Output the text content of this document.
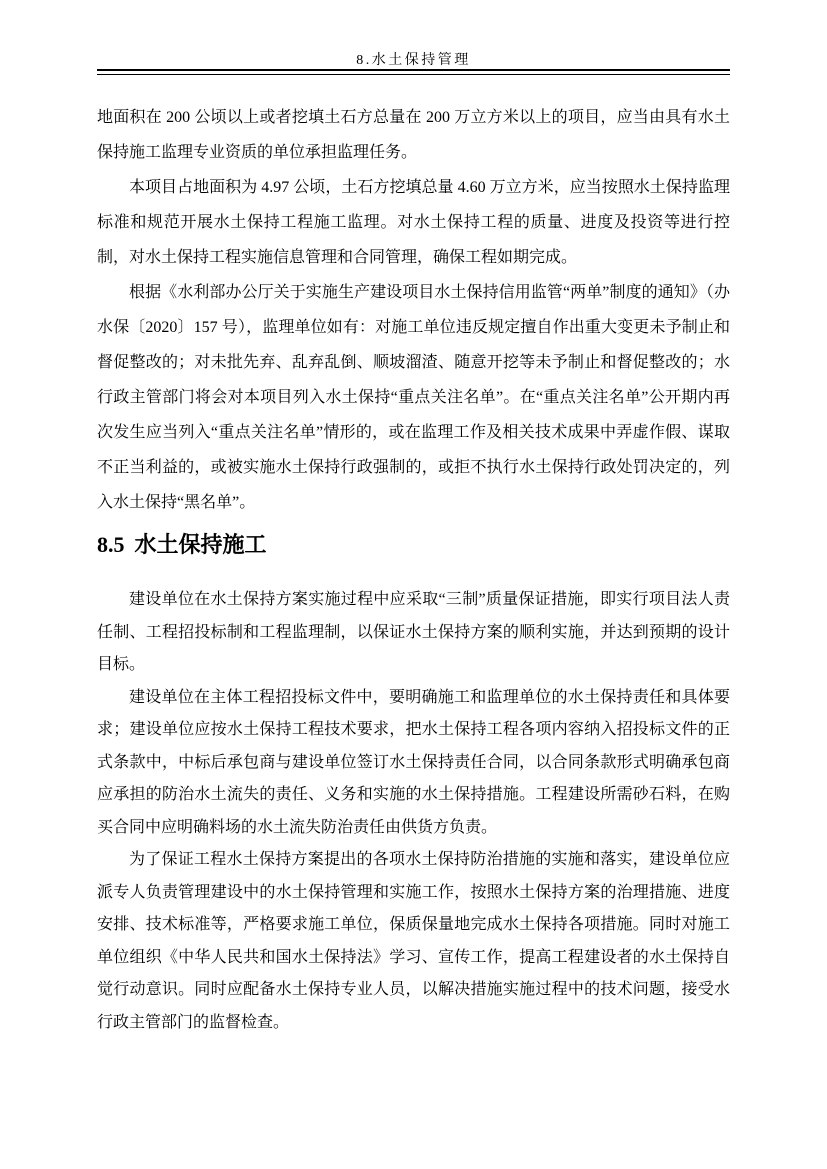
8.水土保持管理

地面积在 200 公顷以上或者挖填土石方总量在 200 万立方米以上的项目，应当由具有水土保持施工监理专业资质的单位承担监理任务。

本项目占地面积为 4.97 公顷，土石方挖填总量 4.60 万立方米，应当按照水土保持监理标准和规范开展水土保持工程施工监理。对水土保持工程的质量、进度及投资等进行控制，对水土保持工程实施信息管理和合同管理，确保工程如期完成。

根据《水利部办公厅关于实施生产建设项目水土保持信用监管“两单”制度的通知》（办水保〔2020〕157 号），监理单位如有：对施工单位违反规定擅自作出重大变更未予制止和督促整改的；对未批先弃、乱弃乱倒、顺坡溜渣、随意开挖等未予制止和督促整改的；水行政主管部门将会对本项目列入水土保持“重点关注名单”。在“重点关注名单”公开期内再次发生应当列入“重点关注名单”情形的，或在监理工作及相关技术成果中弄虚作假、谋取不正当利益的，或被实施水土保持行政强制的，或拒不执行水土保持行政处罚决定的，列入水土保持“黑名单”。

8.5 水土保持施工

建设单位在水土保持方案实施过程中应采取“三制”质量保证措施，即实行项目法人责任制、工程招投标制和工程监理制，以保证水土保持方案的顺利实施，并达到预期的设计目标。

建设单位在主体工程招投标文件中，要明确施工和监理单位的水土保持责任和具体要求；建设单位应按水土保持工程技术要求，把水土保持工程各项内容纳入招投标文件的正式条款中，中标后承包商与建设单位签订水土保持责任合同，以合同条款形式明确承包商应承担的防治水土流失的责任、义务和实施的水土保持措施。工程建设所需砂石料，在购买合同中应明确料场的水土流失防治责任由供货方负责。

为了保证工程水土保持方案提出的各项水土保持防治措施的实施和落实，建设单位应派专人负责管理建设中的水土保持管理和实施工作，按照水土保持方案的治理措施、进度安排、技术标准等，严格要求施工单位，保质保量地完成水土保持各项措施。同时对施工单位组织《中华人民共和国水土保持法》学习、宣传工作，提高工程建设者的水土保持自觉行动意识。同时应配备水土保持专业人员，以解决措施实施过程中的技术问题，接受水行政主管部门的监督检查。
